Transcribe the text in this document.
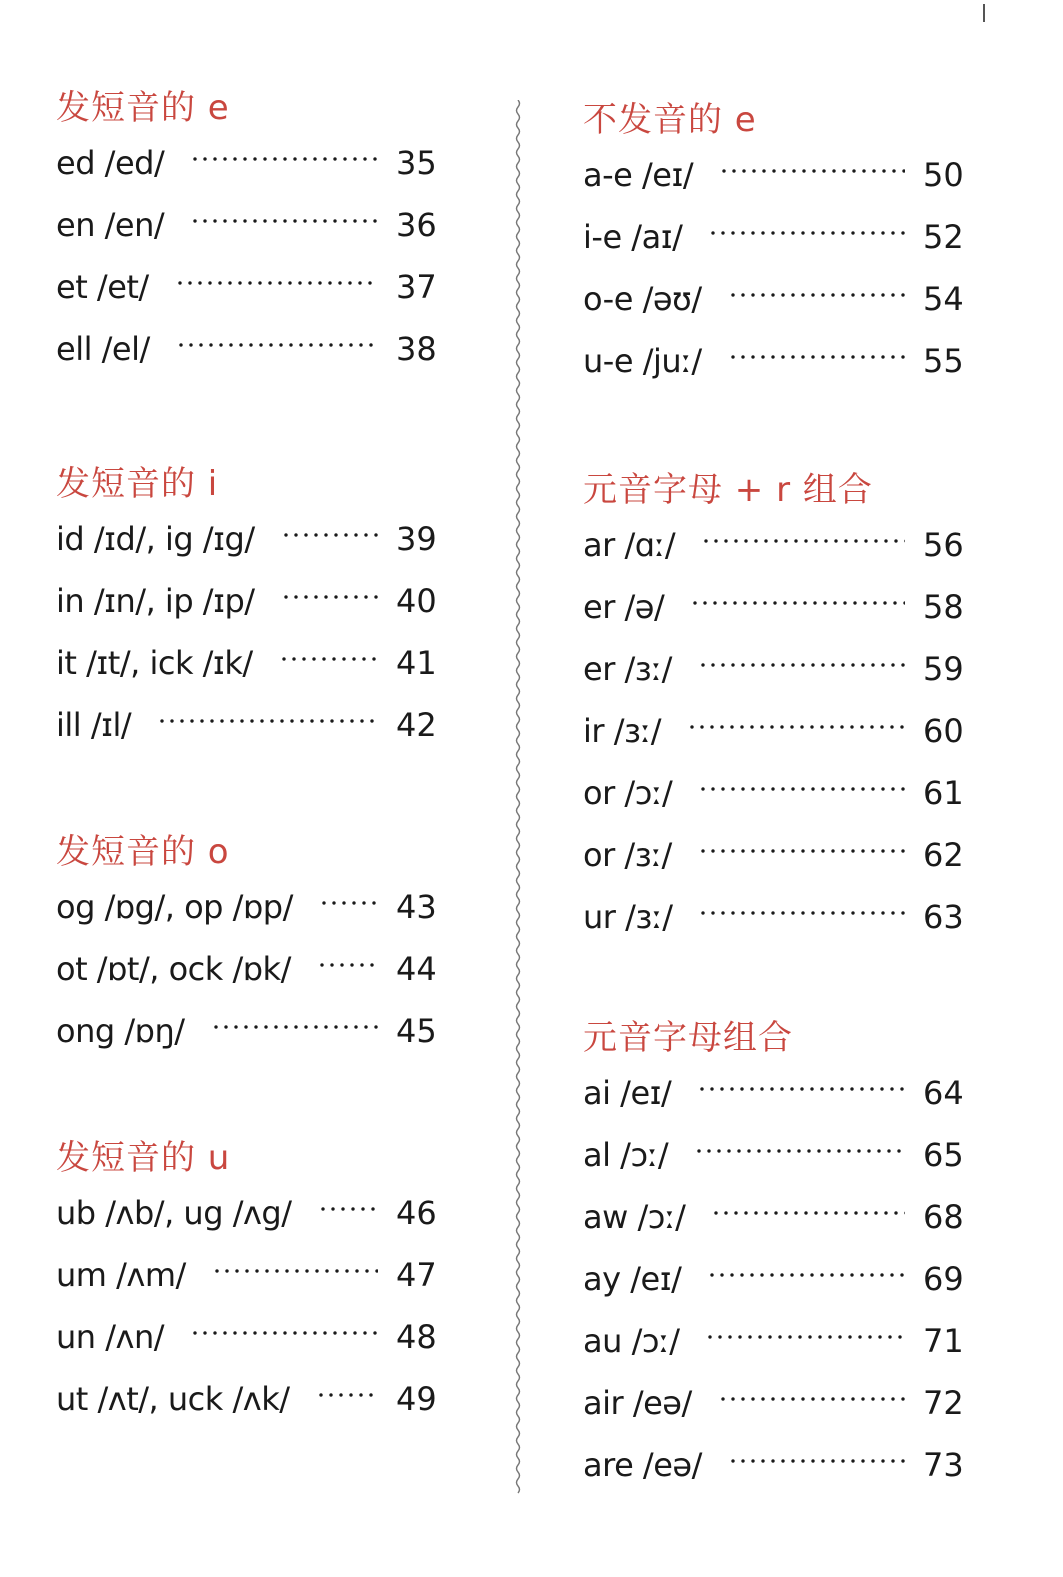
发短音的 e
ed /ed/	35
en /en/	36
et /et/	37
ell /el/	38
发短音的 i
id /ɪd/, ig /ɪg/	39
in /ɪn/, ip /ɪp/	40
it /ɪt/, ick /ɪk/	41
ill /ɪl/	42
发短音的 o
og /ɒg/, op /ɒp/	43
ot /ɒt/, ock /ɒk/	44
ong /ɒŋ/	45
发短音的 u
ub /ʌb/, ug /ʌg/	46
um /ʌm/	47
un /ʌn/	48
ut /ʌt/, uck /ʌk/	49
不发音的 e
a-e /eɪ/	50
i-e /aɪ/	52
o-e /əʊ/	54
u-e /juː/	55
元音字母 + r 组合
ar /ɑː/	56
er /ə/	58
er /ɜː/	59
ir /ɜː/	60
or /ɔː/	61
or /ɜː/	62
ur /ɜː/	63
元音字母组合
ai /eɪ/	64
al /ɔː/	65
aw /ɔː/	68
ay /eɪ/	69
au /ɔː/	71
air /eə/	72
are /eə/	73
